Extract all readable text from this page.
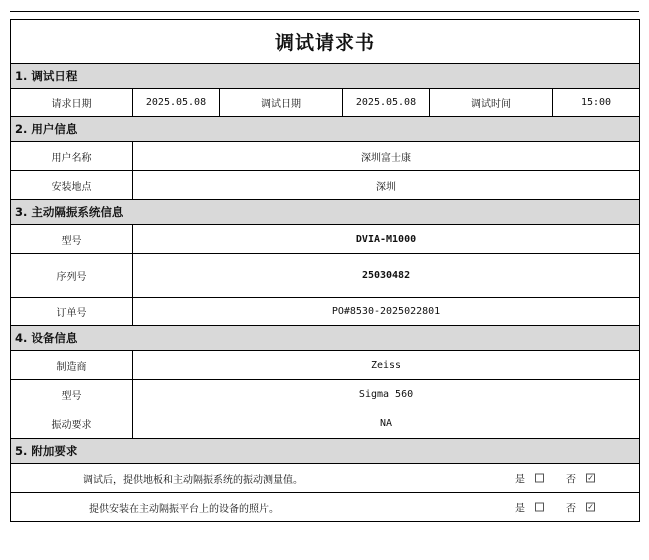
调试请求书					
1. 调试日程					
请求日期	2025.05.08	调试日期	2025.05.08	调试时间	15:00
2. 用户信息					
用户名称	深圳富士康				
安装地点	深圳				
3. 主动隔振系统信息					
型号	DVIA-M1000				
序列号	25030482				
订单号	PO#8530-2025022801				
4. 设备信息					
制造商	Zeiss				
型号	Sigma 560				
振动要求	NA				
5. 附加要求					
调试后，提供地板和主动隔振系统的振动测量值。 是 否 ✓					

提供安装在主动隔振平台上的设备的照片。 是 否 ✓					
